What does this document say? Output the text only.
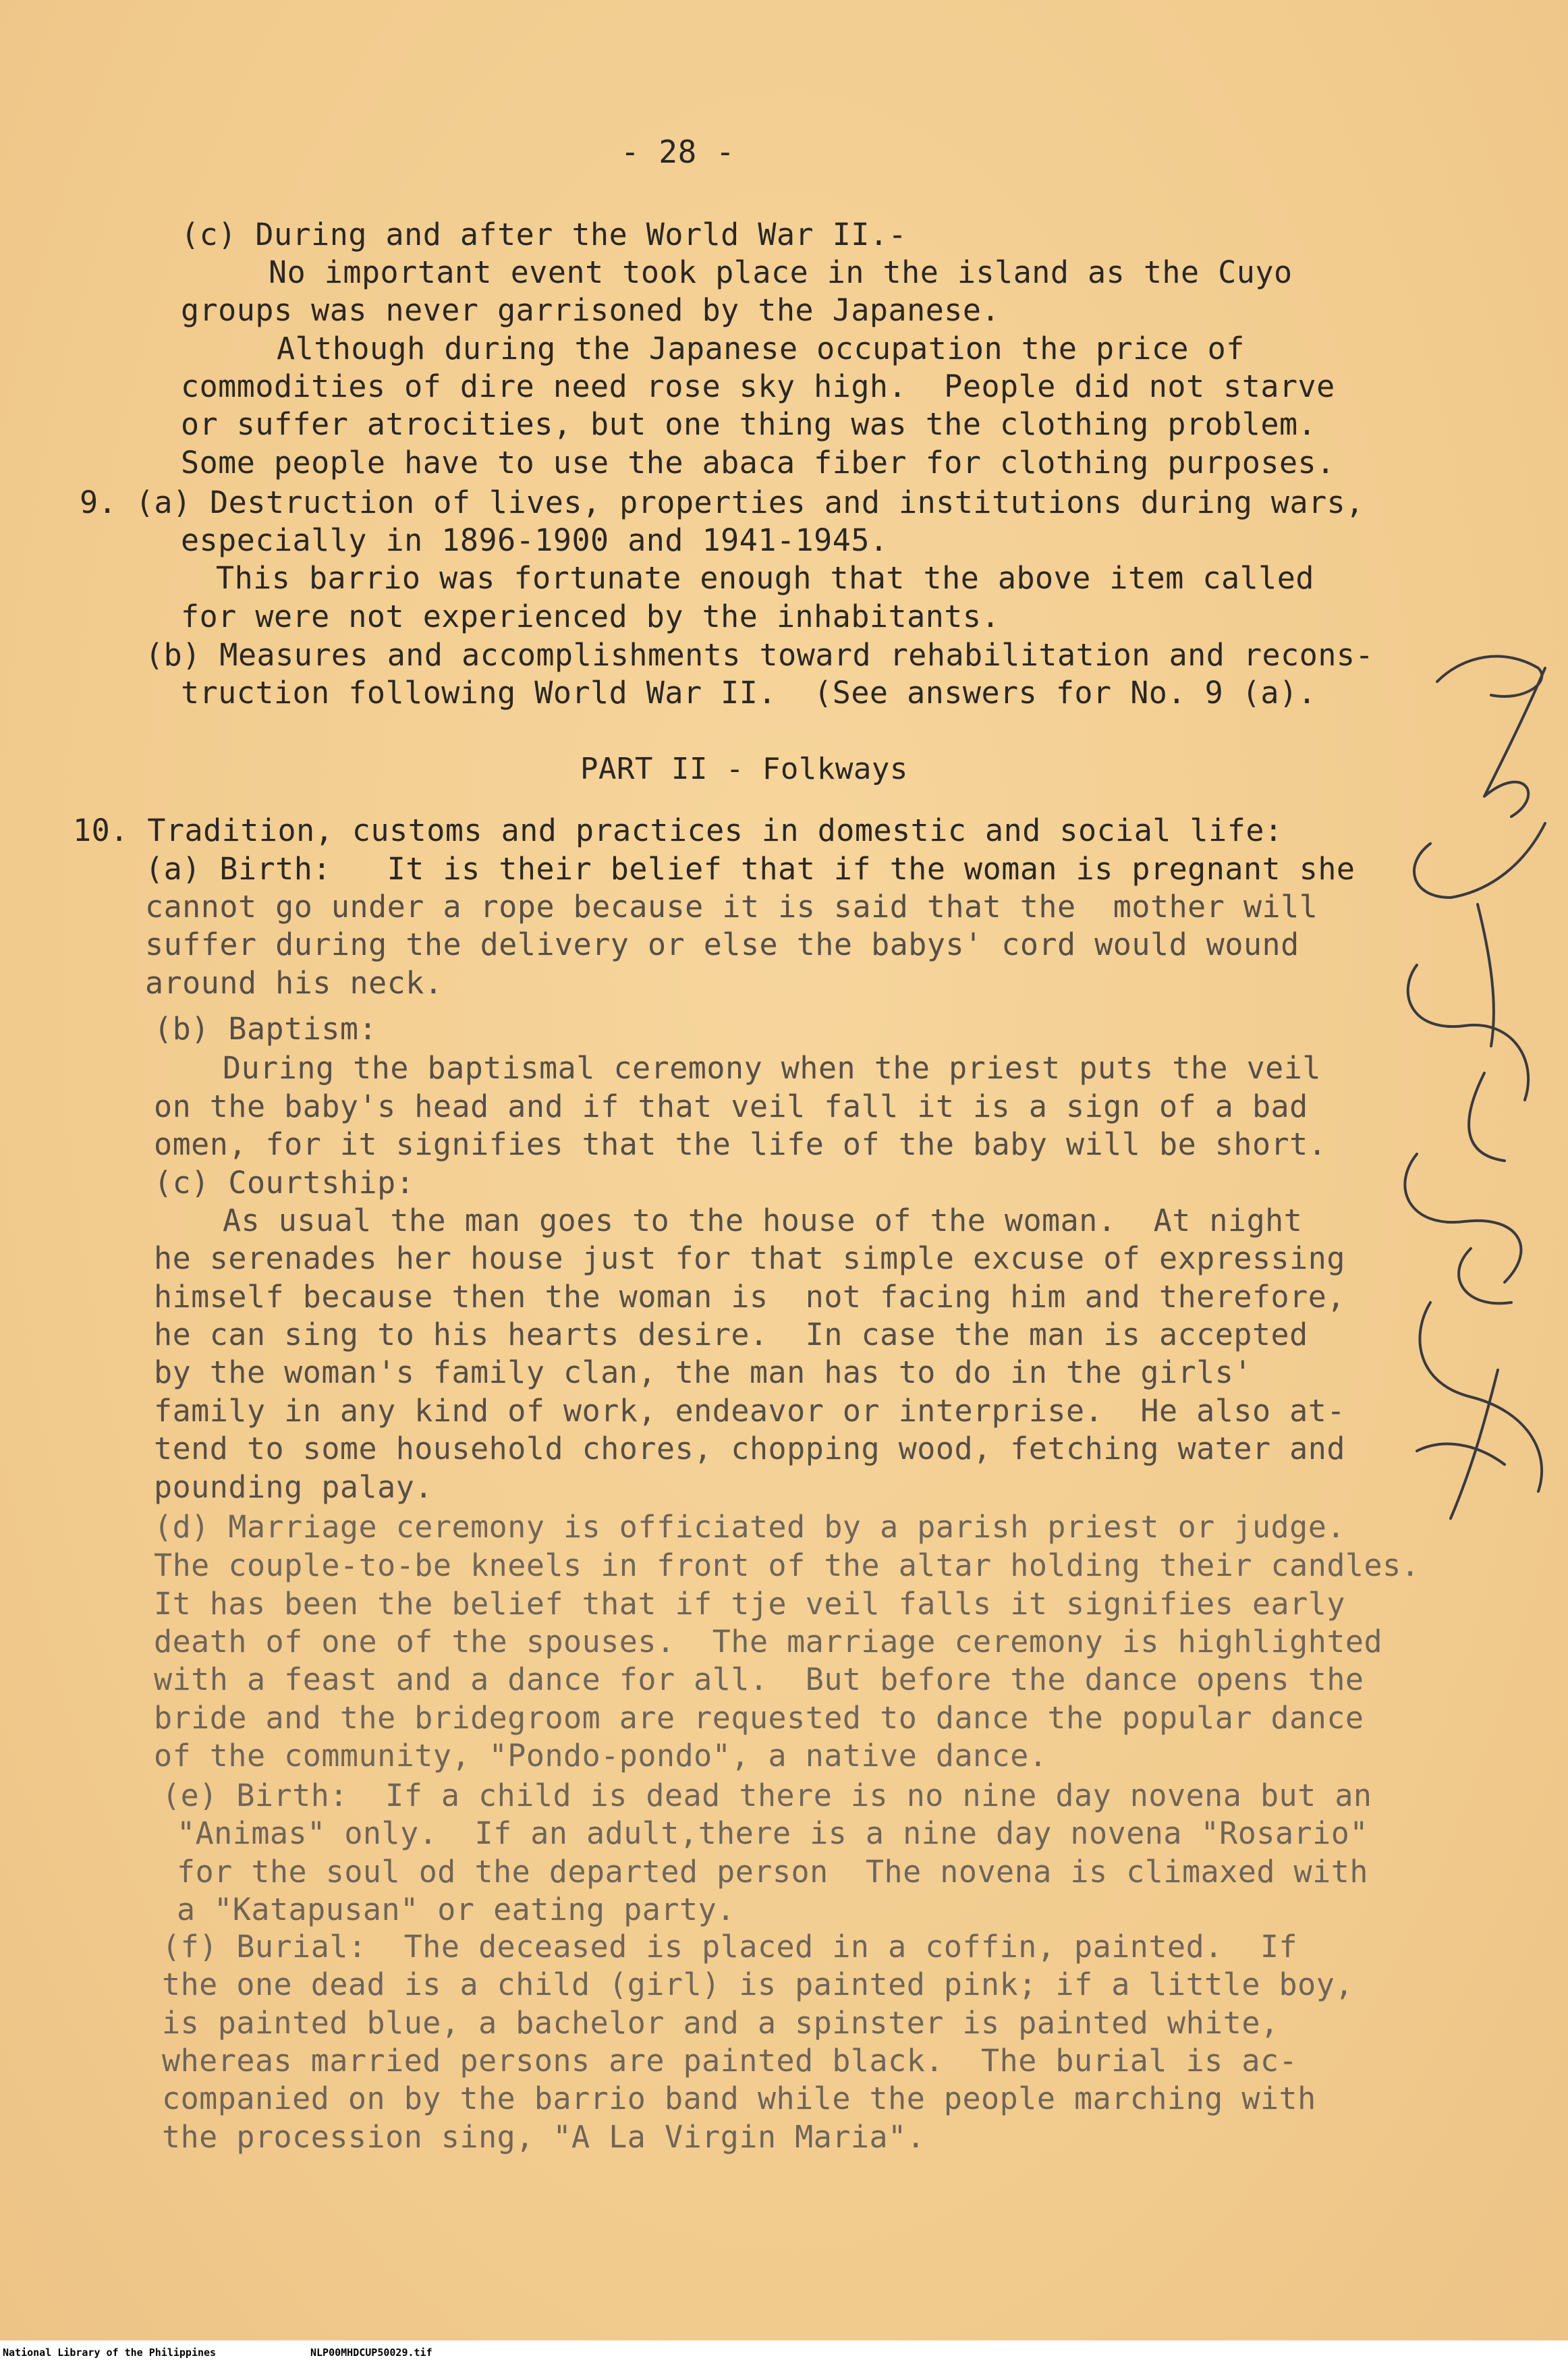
- 28 -
(c) During and after the World War II.-
No important event took place in the island as the Cuyo
groups was never garrisoned by the Japanese.
Although during the Japanese occupation the price of
commodities of dire need rose sky high.  People did not starve
or suffer atrocities, but one thing was the clothing problem.
Some people have to use the abaca fiber for clothing purposes.
9. (a) Destruction of lives, properties and institutions during wars,
especially in 1896-1900 and 1941-1945.
This barrio was fortunate enough that the above item called
for were not experienced by the inhabitants.
(b) Measures and accomplishments toward rehabilitation and recons-
truction following World War II.  (See answers for No. 9 (a).
PART II - Folkways
10. Tradition, customs and practices in domestic and social life:
(a) Birth:   It is their belief that if the woman is pregnant she
cannot go under a rope because it is said that the  mother will
suffer during the delivery or else the babys' cord would wound
around his neck.
(b) Baptism:
During the baptismal ceremony when the priest puts the veil
on the baby's head and if that veil fall it is a sign of a bad
omen, for it signifies that the life of the baby will be short.
(c) Courtship:
As usual the man goes to the house of the woman.  At night
he serenades her house just for that simple excuse of expressing
himself because then the woman is  not facing him and therefore,
he can sing to his hearts desire.  In case the man is accepted
by the woman's family clan, the man has to do in the girls'
family in any kind of work, endeavor or interprise.  He also at-
tend to some household chores, chopping wood, fetching water and
pounding palay.
(d) Marriage ceremony is officiated by a parish priest or judge.
The couple-to-be kneels in front of the altar holding their candles.
It has been the belief that if tje veil falls it signifies early
death of one of the spouses.  The marriage ceremony is highlighted
with a feast and a dance for all.  But before the dance opens the
bride and the bridegroom are requested to dance the popular dance
of the community, "Pondo-pondo", a native dance.
(e) Birth:  If a child is dead there is no nine day novena but an
"Animas" only.  If an adult,there is a nine day novena "Rosario"
for the soul od the departed person  The novena is climaxed with
a "Katapusan" or eating party.
(f) Burial:  The deceased is placed in a coffin, painted.  If
the one dead is a child (girl) is painted pink; if a little boy,
is painted blue, a bachelor and a spinster is painted white,
whereas married persons are painted black.  The burial is ac-
companied on by the barrio band while the people marching with
the procession sing, "A La Virgin Maria".
National Library of the Philippines	NLP00MHDCUP50029.tif
